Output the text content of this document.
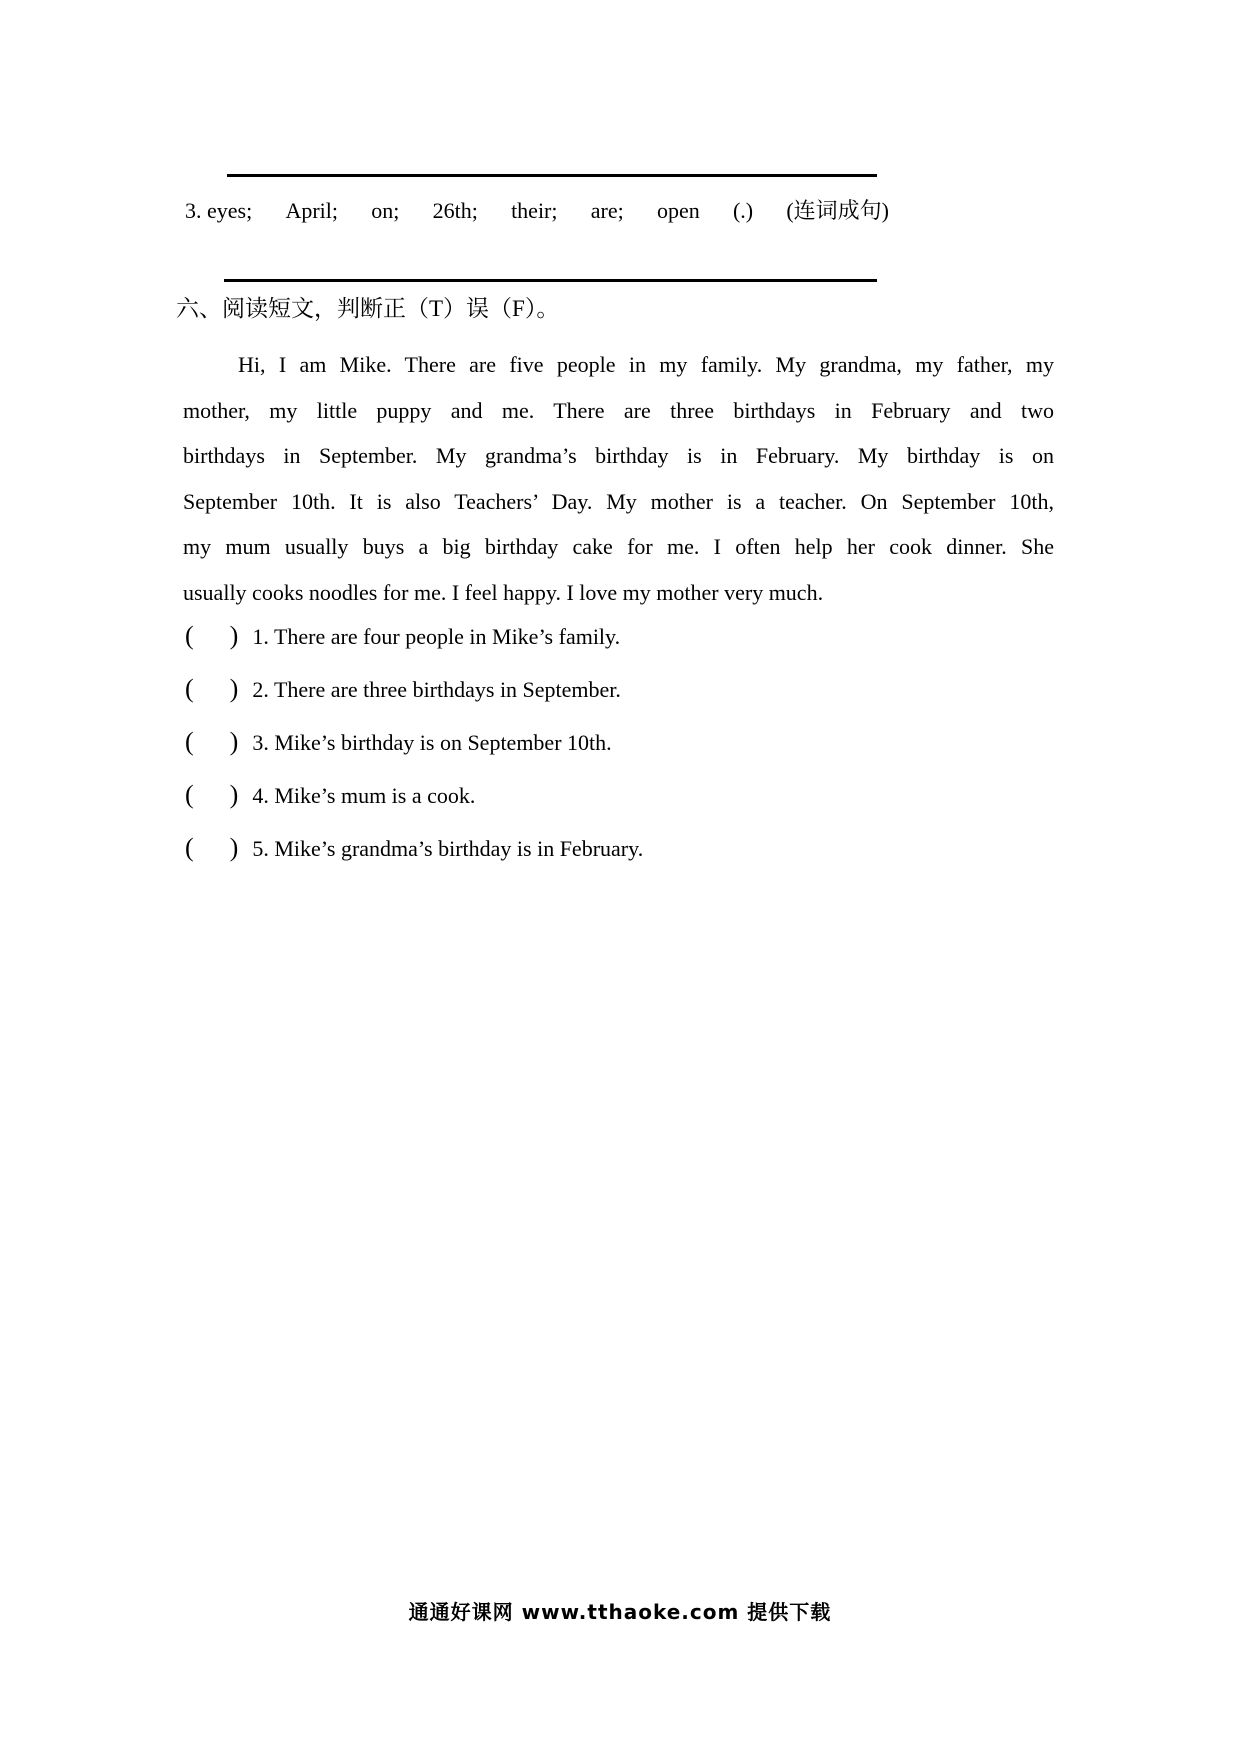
3. eyes; April; on; 26th; their; are; open (.) (连词成句)
六、阅读短文，判断正（T）误（F）。
Hi, I am Mike. There are five people in my family. My grandma, my father, my
mother, my little puppy and me. There are three birthdays in February and two
birthdays in September. My grandma’s birthday is in February. My birthday is on
September 10th. It is also Teachers’ Day. My mother is a teacher. On September 10th,
my mum usually buys a big birthday cake for me. I often help her cook dinner. She
usually cooks noodles for me. I feel happy. I love my mother very much.
( ) 1. There are four people in Mike’s family.
( ) 2. There are three birthdays in September.
( ) 3. Mike’s birthday is on September 10th.
( ) 4. Mike’s mum is a cook.
( ) 5. Mike’s grandma’s birthday is in February.
通通好课网 www.tthaoke.com 提供下载
